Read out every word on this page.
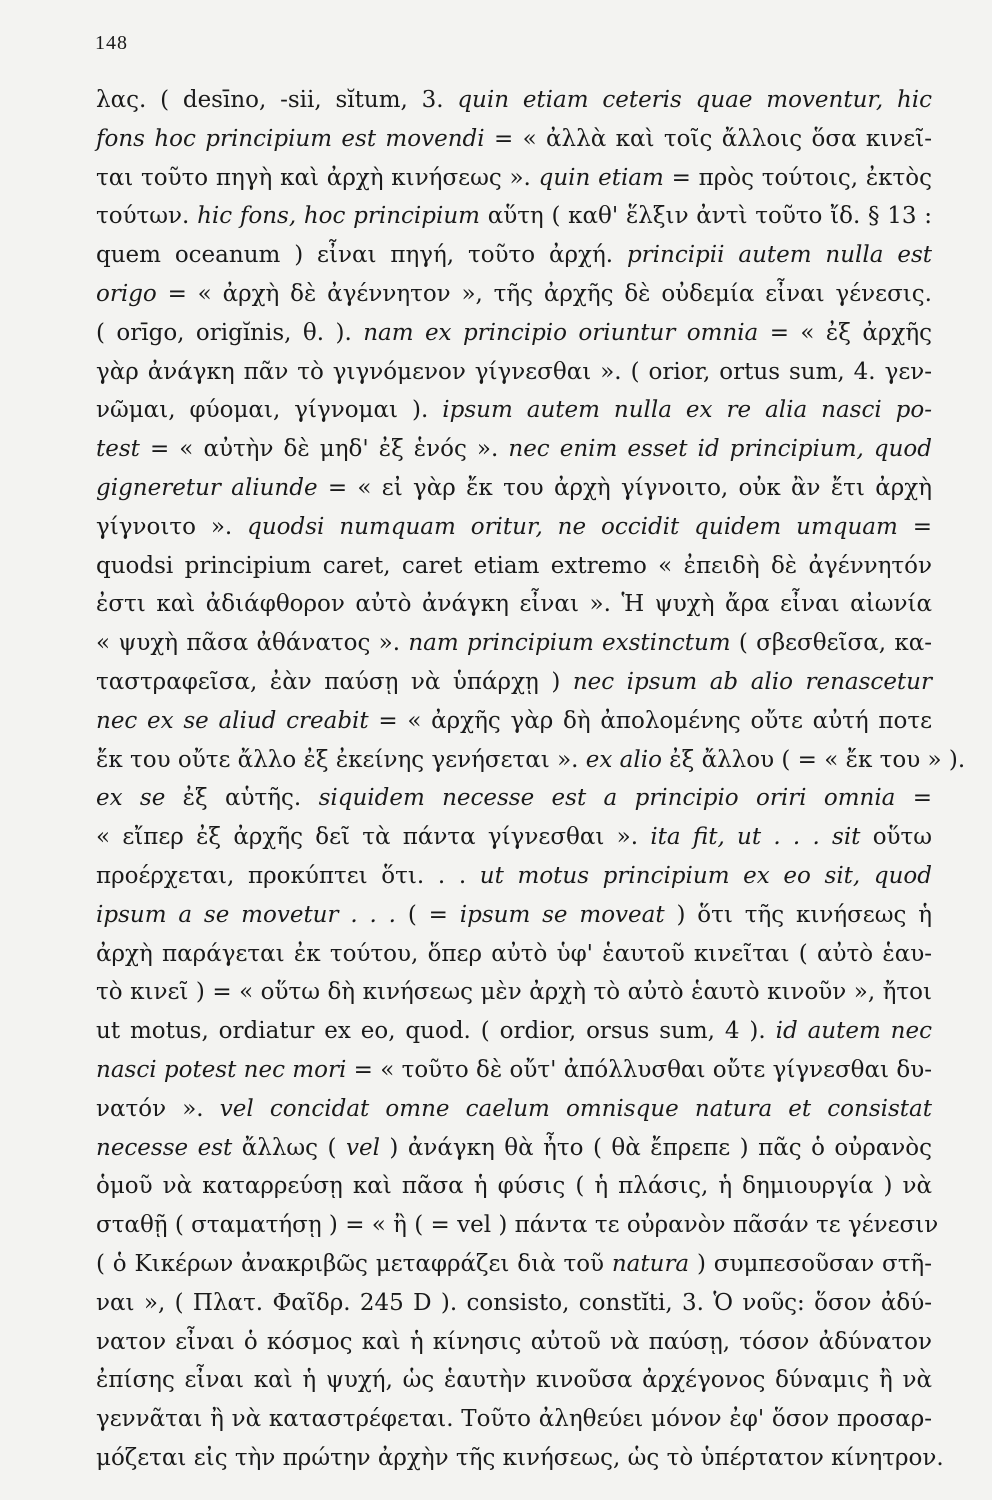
148
λας. ( desīno, -sii, sĭtum, 3. quin etiam ceteris quae moventur, hic
fons hoc principium est movendi = « ἀλλὰ καὶ τοῖς ἄλλοις ὅσα κινεῖ-
ται τοῦτο πηγὴ καὶ ἀρχὴ κινήσεως ». quin etiam = πρὸς τούτοις, ἐκτὸς
τούτων. hic fons, hoc principium αὕτη ( καθ' ἕλξιν ἀντὶ τοῦτο ἴδ. § 13 :
quem oceanum ) εἶναι πηγή, τοῦτο ἀρχή. principii autem nulla est
origo = « ἀρχὴ δὲ ἀγέννητον », τῆς ἀρχῆς δὲ οὐδεμία εἶναι γένεσις.
( orīgo, origĭnis, θ. ). nam ex principio oriuntur omnia = « ἐξ ἀρχῆς
γὰρ ἀνάγκη πᾶν τὸ γιγνόμενον γίγνεσθαι ». ( orior, ortus sum, 4. γεν-
νῶμαι, φύομαι, γίγνομαι ). ipsum autem nulla ex re alia nasci po-
test = « αὐτὴν δὲ μηδ' ἐξ ἑνός ». nec enim esset id principium, quod
gigneretur aliunde = « εἰ γὰρ ἔκ του ἀρχὴ γίγνοιτο, οὐκ ἂν ἔτι ἀρχὴ
γίγνοιτο ». quodsi numquam oritur, ne occidit quidem umquam =
quodsi principium caret, caret etiam extremo « ἐπειδὴ δὲ ἀγέννητόν
ἐστι καὶ ἀδιάφθορον αὐτὸ ἀνάγκη εἶναι ». Ἡ ψυχὴ ἄρα εἶναι αἰωνία
« ψυχὴ πᾶσα ἀθάνατος ». nam principium exstinctum ( σβεσθεῖσα, κα-
ταστραφεῖσα, ἐὰν παύσῃ νὰ ὑπάρχῃ ) nec ipsum ab alio renascetur
nec ex se aliud creabit = « ἀρχῆς γὰρ δὴ ἀπολομένης οὔτε αὐτή ποτε
ἔκ του οὔτε ἄλλο ἐξ ἐκείνης γενήσεται ». ex alio ἐξ ἄλλου ( = « ἔκ του » ).
ex se ἐξ αὑτῆς. siquidem necesse est a principio oriri omnia =
« εἴπερ ἐξ ἀρχῆς δεῖ τὰ πάντα γίγνεσθαι ». ita fit, ut . . . sit οὕτω
προέρχεται, προκύπτει ὅτι. . . ut motus principium ex eo sit, quod
ipsum a se movetur . . . ( = ipsum se moveat ) ὅτι τῆς κινήσεως ἡ
ἀρχὴ παράγεται ἐκ τούτου, ὅπερ αὐτὸ ὑφ' ἑαυτοῦ κινεῖται ( αὐτὸ ἑαυ-
τὸ κινεῖ ) = « οὕτω δὴ κινήσεως μὲν ἀρχὴ τὸ αὐτὸ ἑαυτὸ κινοῦν », ἤτοι
ut motus, ordiatur ex eo, quod. ( ordior, orsus sum, 4 ). id autem nec
nasci potest nec mori = « τοῦτο δὲ οὔτ' ἀπόλλυσθαι οὔτε γίγνεσθαι δυ-
νατόν ». vel concidat omne caelum omnisque natura et consistat
necesse est ἄλλως ( vel ) ἀνάγκη θὰ ἦτο ( θὰ ἔπρεπε ) πᾶς ὁ οὐρανὸς
ὁμοῦ νὰ καταρρεύσῃ καὶ πᾶσα ἡ φύσις ( ἡ πλάσις, ἡ δημιουργία ) νὰ
σταθῇ ( σταματήσῃ ) = « ἢ ( = vel ) πάντα τε οὐρανὸν πᾶσάν τε γένεσιν
( ὁ Κικέρων ἀνακριβῶς μεταφράζει διὰ τοῦ natura ) συμπεσοῦσαν στῆ-
ναι », ( Πλατ. Φαῖδρ. 245 D ). consisto, constĭti, 3. Ὁ νοῦς: ὅσον ἀδύ-
νατον εἶναι ὁ κόσμος καὶ ἡ κίνησις αὐτοῦ νὰ παύσῃ, τόσον ἀδύνατον
ἐπίσης εἶναι καὶ ἡ ψυχή, ὡς ἑαυτὴν κινοῦσα ἀρχέγονος δύναμις ἢ νὰ
γεννᾶται ἢ νὰ καταστρέφεται. Τοῦτο ἀληθεύει μόνον ἐφ' ὅσον προσαρ-
μόζεται εἰς τὴν πρώτην ἀρχὴν τῆς κινήσεως, ὡς τὸ ὑπέρτατον κίνητρον.
